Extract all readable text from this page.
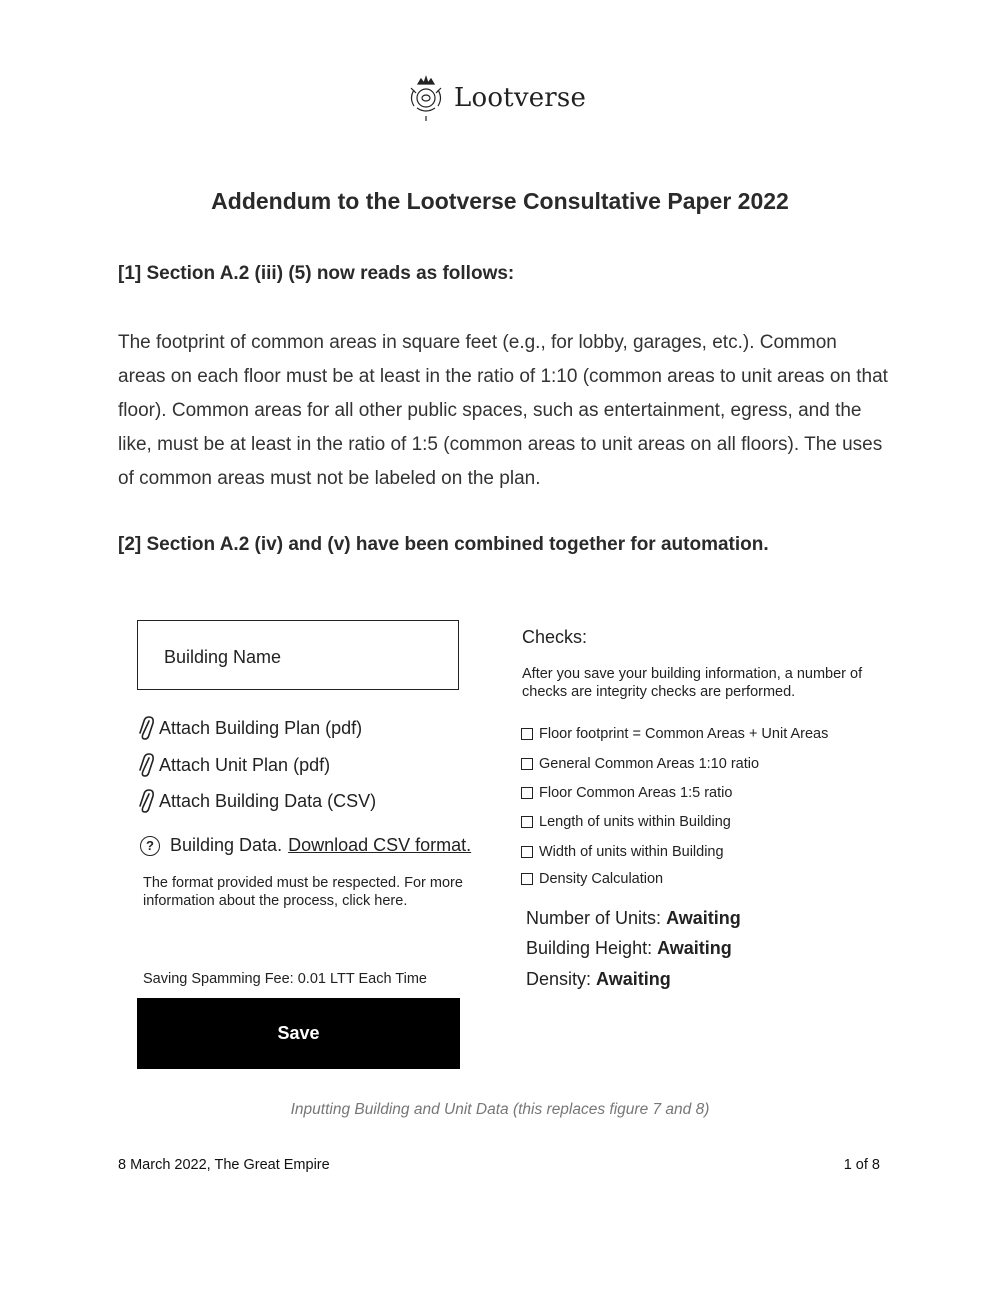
Lootverse
Addendum to the Lootverse Consultative Paper 2022
[1] Section A.2 (iii) (5) now reads as follows:
The footprint of common areas in square feet (e.g., for lobby, garages, etc.). Common areas on each floor must be at least in the ratio of 1:10 (common areas to unit areas on that floor). Common areas for all other public spaces, such as entertainment, egress, and the like, must be at least in the ratio of 1:5 (common areas to unit areas on all floors). The uses of common areas must not be labeled on the plan.
[2] Section A.2 (iv) and (v) have been combined together for automation.
Building Name
Attach Building Plan (pdf)
Attach Unit Plan (pdf)
Attach Building Data (CSV)
? Building Data. Download CSV format.
The format provided must be respected. For more information about the process, click here.
Saving Spamming Fee: 0.01 LTT Each Time
Save
Checks:
After you save your building information, a number of checks are integrity checks are performed.
Floor footprint = Common Areas + Unit Areas
General Common Areas 1:10 ratio
Floor Common Areas 1:5 ratio
Length of units within Building
Width of units within Building
Density Calculation
Number of Units: Awaiting
Building Height: Awaiting
Density: Awaiting
Inputting Building and Unit Data (this replaces figure 7 and 8)
8 March 2022, The Great Empire	1 of 8
